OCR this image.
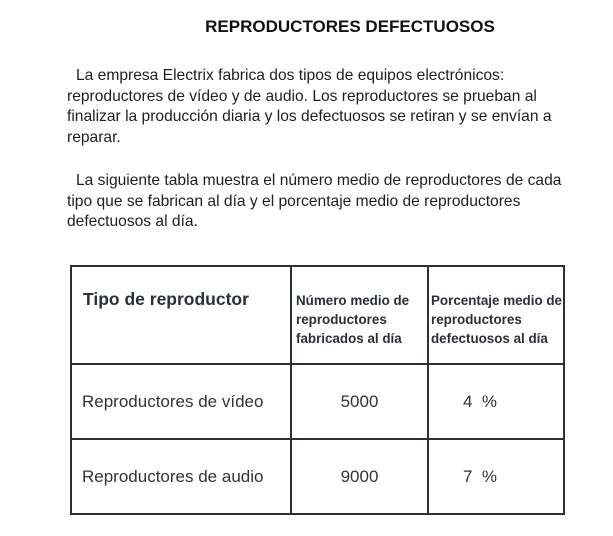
REPRODUCTORES DEFECTUOSOS

La empresa Electrix fabrica dos tipos de equipos electrónicos: reproductores de vídeo y de audio. Los reproductores se prueban al finalizar la producción diaria y los defectuosos se retiran y se envían a reparar.

La siguiente tabla muestra el número medio de reproductores de cada tipo que se fabrican al día y el porcentaje medio de reproductores defectuosos al día.

Tipo de reproductor	Número medio de reproductores fabricados al día	Porcentaje medio de reproductores defectuosos al día
Reproductores de vídeo	5000	4  %
Reproductores de audio	9000	7  %
